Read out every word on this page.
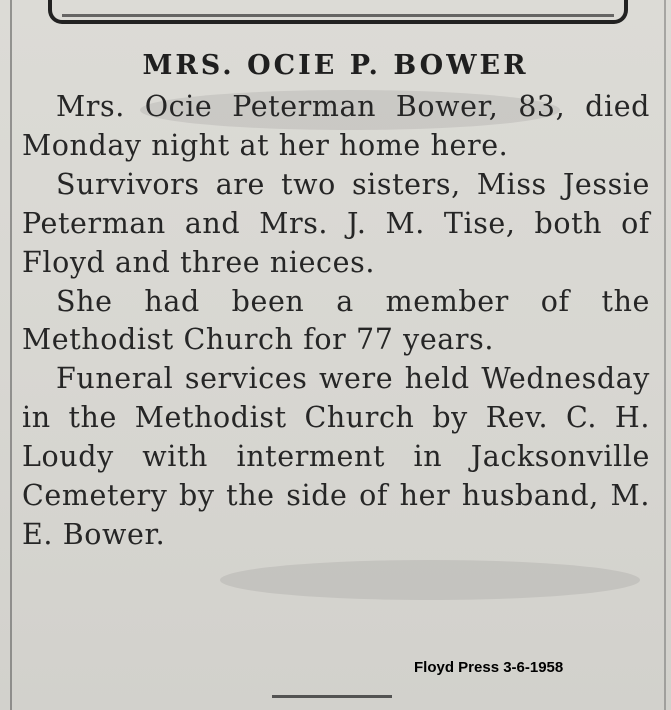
MRS. OCIE P. BOWER

Mrs. Ocie Peterman Bower, 83, died Monday night at her home here.

Survivors are two sisters, Miss Jessie Peterman and Mrs. J. M. Tise, both of Floyd and three nieces.

She had been a member of the Methodist Church for 77 years.

Funeral services were held Wednesday in the Methodist Church by Rev. C. H. Loudy with interment in Jacksonville Cemetery by the side of her husband, M. E. Bower.

Floyd Press 3-6-1958
